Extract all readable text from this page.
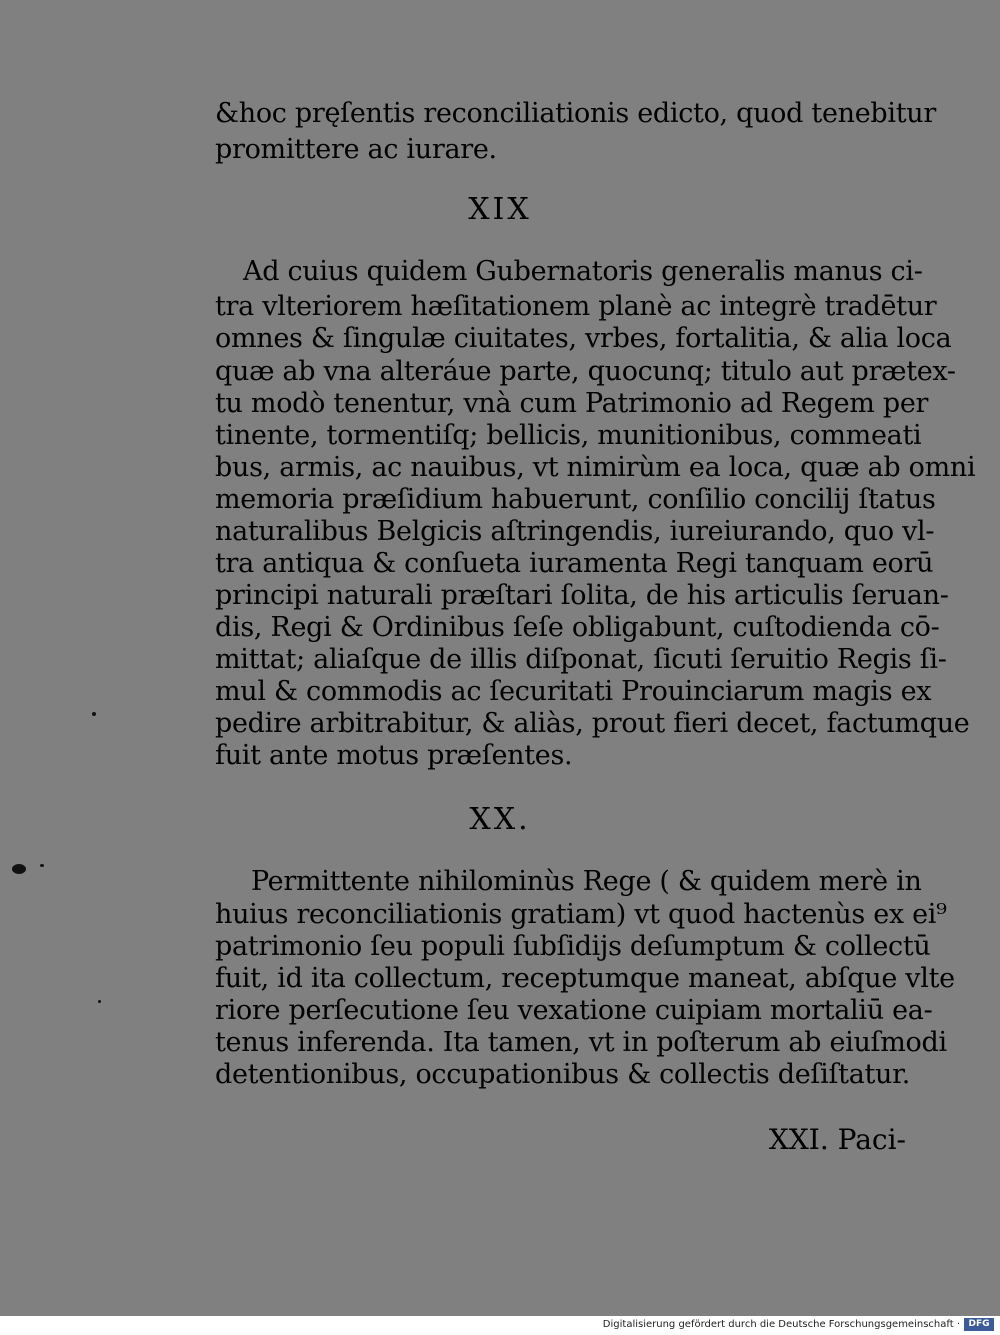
&hoc pręſentis reconciliationis edicto, quod tenebitur
promittere ac iurare.
XIX
Ad cuius quidem Gubernatoris generalis manus ci-
tra vlteriorem hæſitationem planè ac integrè tradētur
omnes & ſingulæ ciuitates, vrbes, fortalitia, & alia loca
quæ ab vna alteráue parte, quocunq; titulo aut prætex-
tu modò tenentur, vnà cum Patrimonio ad Regem per
tinente, tormentiſq; bellicis, munitionibus, commeati
bus, armis, ac nauibus, vt nimirùm ea loca, quæ ab omni
memoria præſidium habuerunt, conſilio concilij ſtatus
naturalibus Belgicis aſtringendis, iureiurando, quo vl-
tra antiqua & conſueta iuramenta Regi tanquam eorū
principi naturali præſtari ſolita, de his articulis ſeruan-
dis, Regi & Ordinibus ſeſe obligabunt, cuſtodienda cō-
mittat; aliaſque de illis diſponat, ſicuti ſeruitio Regis ſi-
mul & commodis ac ſecuritati Prouinciarum magis ex
pedire arbitrabitur, & aliàs, prout fieri decet, factumque
fuit ante motus præſentes.
XX.
Permittente nihilominùs Rege ( & quidem merè in
huius reconciliationis gratiam) vt quod hactenùs ex ei⁹
patrimonio ſeu populi ſubſidijs deſumptum & collectū
fuit, id ita collectum, receptumque maneat, abſque vlte
riore perſecutione ſeu vexatione cuipiam mortaliū ea-
tenus inferenda. Ita tamen, vt in poſterum ab eiuſmodi
detentionibus, occupationibus & collectis deſiſtatur.
XXI. Paci-
Digitalisierung gefördert durch die Deutsche Forschungsgemeinschaft · DFG
